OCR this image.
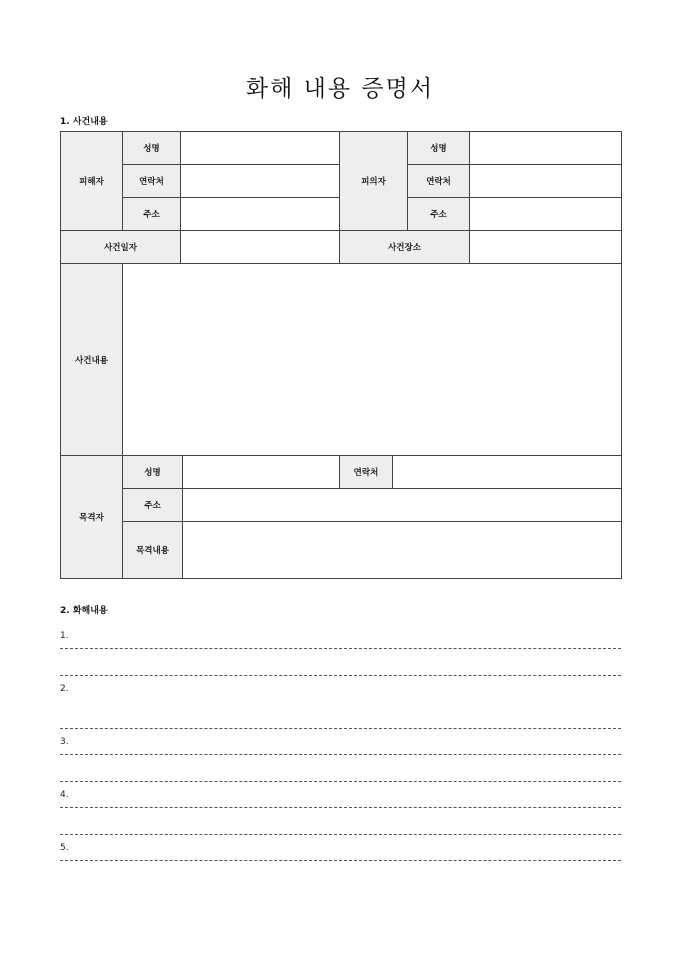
화해 내용 증명서
1. 사건내용
피해자	성명			피의자		성명	
	연락처					연락처	
	주소					주소	
사건일자				사건장소			
사건내용							
목격자	성명			연락처			
	주소						
	목격내용						
2. 화해내용
1.
2.
3.
4.
5.
